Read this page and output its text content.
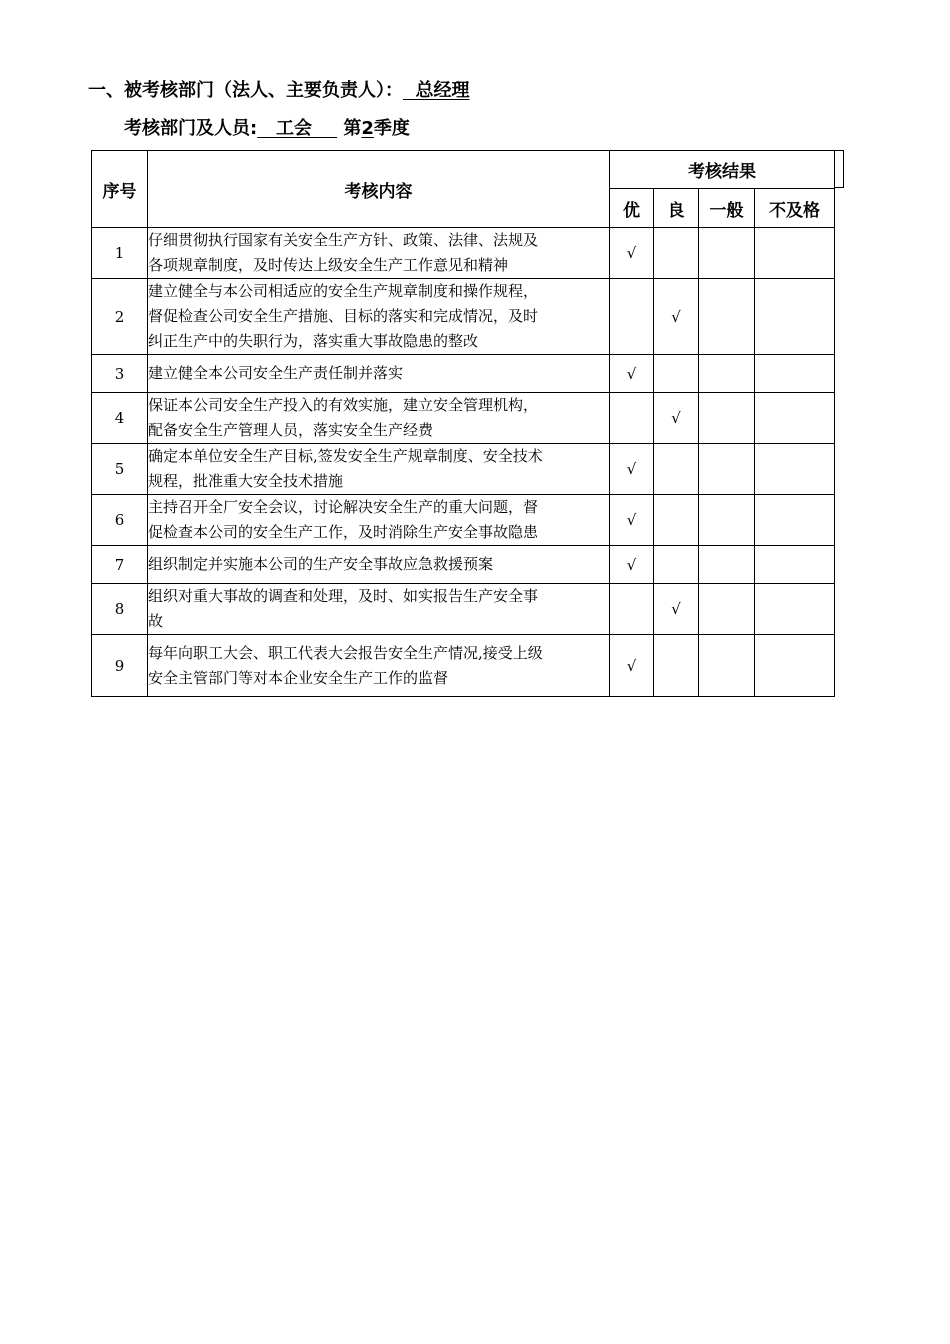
一、被考核部门（法人、主要负责人）： 总经理
考核部门及人员: 工会 第2季度
序号	考核内容	考核结果			

		优	良	一般	不及格
1	仔细贯彻执行国家有关安全生产方针、政策、法律、法规及
各项规章制度，及时传达上级安全生产工作意见和精神	√			
2	建立健全与本公司相适应的安全生产规章制度和操作规程，
督促检查公司安全生产措施、目标的落实和完成情况，及时
纠正生产中的失职行为，落实重大事故隐患的整改		√		
3	建立健全本公司安全生产责任制并落实	√			
4	保证本公司安全生产投入的有效实施，建立安全管理机构，
配备安全生产管理人员，落实安全生产经费		√		
5	确定本单位安全生产目标,签发安全生产规章制度、安全技术
规程，批准重大安全技术措施	√			
6	主持召开全厂安全会议，讨论解决安全生产的重大问题，督
促检查本公司的安全生产工作，及时消除生产安全事故隐患	√			
7	组织制定并实施本公司的生产安全事故应急救援预案	√			
8	组织对重大事故的调查和处理，及时、如实报告生产安全事
故		√		
9	每年向职工大会、职工代表大会报告安全生产情况,接受上级
安全主管部门等对本企业安全生产工作的监督	√			
